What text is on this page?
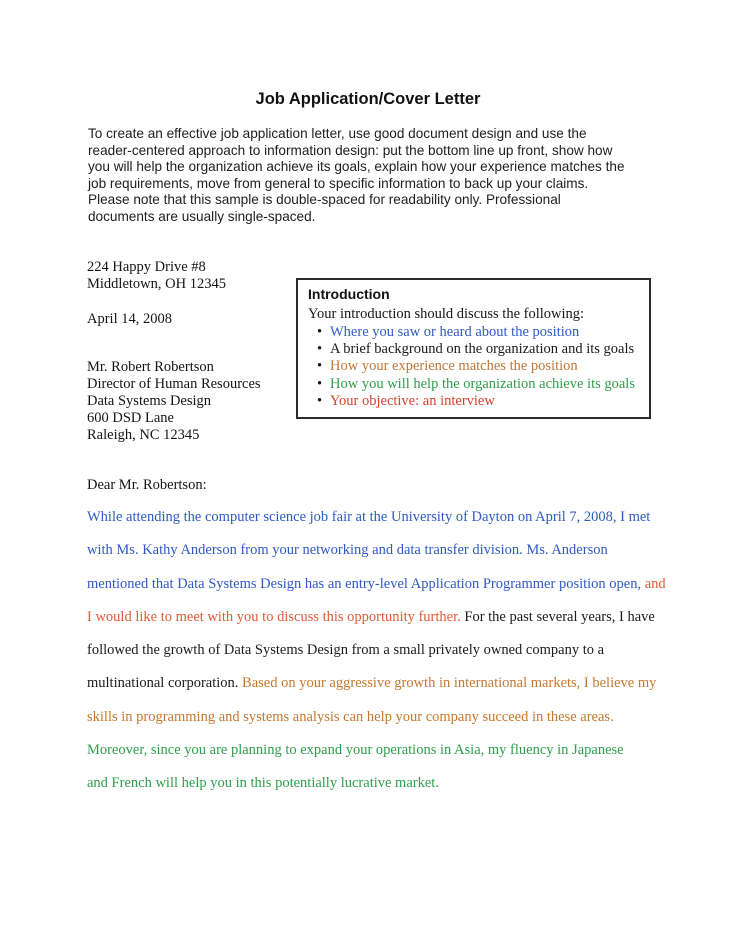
Job Application/Cover Letter
To create an effective job application letter, use good document design and use the
reader-centered approach to information design: put the bottom line up front, show how
you will help the organization achieve its goals, explain how your experience matches the
job requirements, move from general to specific information to back up your claims.
Please note that this sample is double-spaced for readability only. Professional
documents are usually single-spaced.
224 Happy Drive #8
Middletown, OH 12345
April 14, 2008
Mr. Robert Robertson
Director of Human Resources
Data Systems Design
600 DSD Lane
Raleigh, NC 12345
Introduction
Your introduction should discuss the following:
• Where you saw or heard about the position
• A brief background on the organization and its goals
• How your experience matches the position
• How you will help the organization achieve its goals
• Your objective: an interview
Dear Mr. Robertson:
While attending the computer science job fair at the University of Dayton on April 7, 2008, I met
with Ms. Kathy Anderson from your networking and data transfer division. Ms. Anderson
mentioned that Data Systems Design has an entry-level Application Programmer position open, and
I would like to meet with you to discuss this opportunity further. For the past several years, I have
followed the growth of Data Systems Design from a small privately owned company to a
multinational corporation. Based on your aggressive growth in international markets, I believe my
skills in programming and systems analysis can help your company succeed in these areas.
Moreover, since you are planning to expand your operations in Asia, my fluency in Japanese
and French will help you in this potentially lucrative market.
